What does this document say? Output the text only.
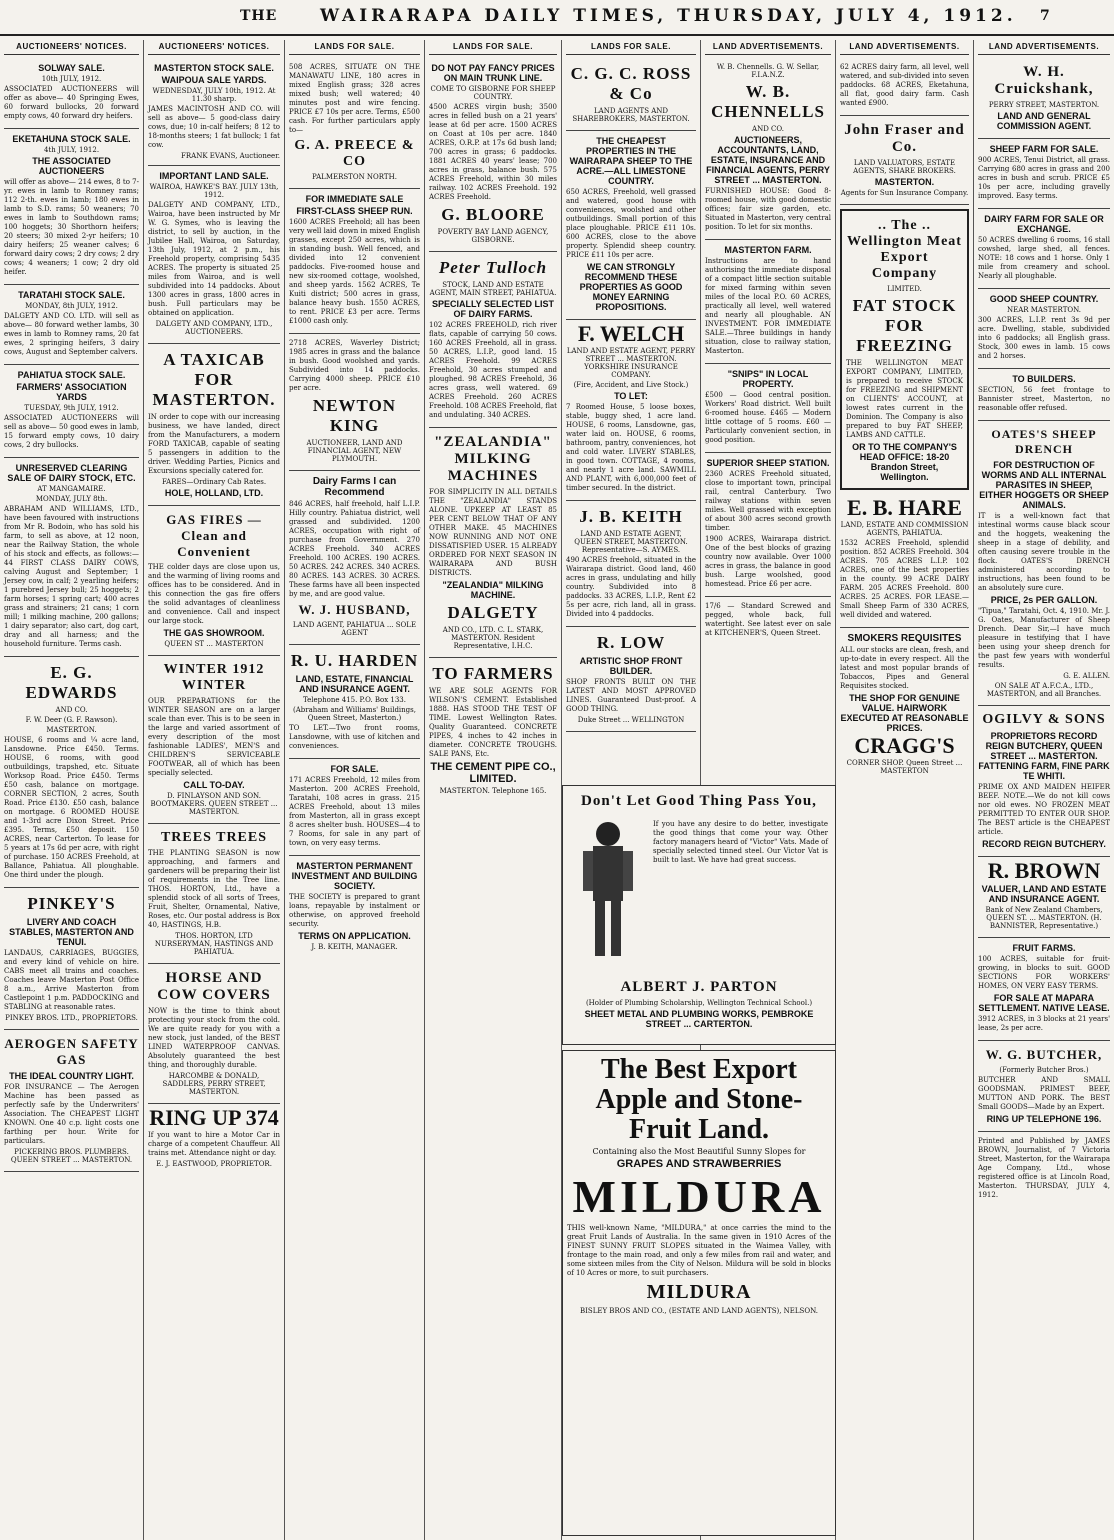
THE	WAIRARAPA DAILY TIMES, THURSDAY, JULY 4, 1912. 7
AUCTIONEERS' NOTICES.
SOLWAY SALE.
10th JULY, 1912.
ASSOCIATED AUCTIONEERS will offer as above— 40 Springing Ewes, 60 forward bullocks, 20 forward empty cows, 40 forward dry heifers.
EKETAHUNA STOCK SALE.
4th JULY, 1912.
THE ASSOCIATED AUCTIONEERS
will offer as above— 214 ewes, 8 to 7-yr. ewes in lamb to Romney rams; 112 2-th. ewes in lamb; 180 ewes in lamb to S.D. rams; 50 weaners; 70 ewes in lamb to Southdown rams; 100 hoggets; 30 Shorthorn heifers; 20 steers; 30 mixed 2-yr heifers; 10 dairy heifers; 25 weaner calves; 6 forward dairy cows; 2 dry cows; 2 dry cows; 4 weaners; 1 cow; 2 dry old heifer.
TARATAHI STOCK SALE.
MONDAY, 8th JULY, 1912.
DALGETY AND CO. LTD. will sell as above— 80 forward wether lambs, 30 ewes in lamb to Romney rams, 20 fat ewes, 2 springing heifers, 3 dairy cows, August and September calvers.
PAHIATUA STOCK SALE.
FARMERS' ASSOCIATION YARDS
TUESDAY, 9th JULY, 1912.
ASSOCIATED AUCTIONEERS will sell as above— 50 good ewes in lamb, 15 forward empty cows, 10 dairy cows, 2 dry bullocks.
UNRESERVED CLEARING SALE OF DAIRY STOCK, ETC.
AT MANGAMAIRE.
MONDAY, JULY 8th.
ABRAHAM AND WILLIAMS, LTD., have been favoured with instructions from Mr R. Bodoin, who has sold his farm, to sell as above, at 12 noon, near the Railway Station, the whole of his stock and effects, as follows:— 44 FIRST CLASS DAIRY COWS, calving August and September; 1 Jersey cow, in calf; 2 yearling heifers; 1 purebred Jersey bull; 25 hoggets; 2 farm horses; 1 spring cart; 400 acres grass and strainers; 21 cans; 1 corn mill; 1 milking machine, 200 gallons; 1 dairy separator; also cart, dog cart, dray and all harness; and the household furniture. Terms cash.
E. G. EDWARDS
AND CO.
F. W. Deer (G. F. Rawson).
MASTERTON.
HOUSE, 6 rooms and ¼ acre land, Lansdowne. Price £450. Terms. HOUSE, 6 rooms, with good outbuildings, trapshed, etc. Situate Worksop Road. Price £450. Terms £50 cash, balance on mortgage. CORNER SECTION, 2 acres, South Road. Price £130. £50 cash, balance on mortgage. 6 ROOMED HOUSE and 1-3rd acre Dixon Street. Price £395. Terms, £50 deposit. 150 ACRES, near Carterton. To lease for 5 years at 17s 6d per acre, with right of purchase. 150 ACRES Freehold, at Ballance, Pahiatua. All ploughable. One third under the plough.
PINKEY'S
LIVERY AND COACH STABLES, MASTERTON AND TENUI.
LANDAUS, CARRIAGES, BUGGIES, and every kind of vehicle on hire. CABS meet all trains and coaches. Coaches leave Masterton Post Office 8 a.m., Arrive Masterton from Castlepoint 1 p.m. PADDOCKING and STABLING at reasonable rates.
PINKEY BROS. LTD., PROPRIETORS.
AEROGEN SAFETY GAS
THE IDEAL COUNTRY LIGHT.
FOR INSURANCE — The Aerogen Machine has been passed as perfectly safe by the Underwriters' Association. The CHEAPEST LIGHT KNOWN. One 40 c.p. light costs one farthing per hour. Write for particulars.
PICKERING BROS. PLUMBERS. QUEEN STREET ... MASTERTON.
AUCTIONEERS' NOTICES.
MASTERTON STOCK SALE.
WAIPOUA SALE YARDS.
WEDNESDAY, JULY 10th, 1912. At 11.30 sharp.
JAMES MACINTOSH AND CO. will sell as above— 5 good-class dairy cows, due; 10 in-calf heifers; 8 12 to 18-months steers; 1 fat bullock; 1 fat cow.
FRANK EVANS, Auctioneer.
IMPORTANT LAND SALE.
WAIROA, HAWKE'S BAY. JULY 13th, 1912.
DALGETY AND COMPANY, LTD., Wairoa, have been instructed by Mr W. G. Symes, who is leaving the district, to sell by auction, in the Jubilee Hall, Wairoa, on Saturday, 13th July, 1912, at 2 p.m., his Freehold property, comprising 5435 ACRES. The property is situated 25 miles from Wairoa, and is well subdivided into 14 paddocks. About 1300 acres in grass, 1800 acres in bush. Full particulars may be obtained on application.
DALGETY AND COMPANY, LTD., AUCTIONEERS.
A TAXICAB FOR MASTERTON.
IN order to cope with our increasing business, we have landed, direct from the Manufacturers, a modern FORD TAXICAB, capable of seating 5 passengers in addition to the driver. Wedding Parties, Picnics and Excursions specially catered for.
FARES—Ordinary Cab Rates.
HOLE, HOLLAND, LTD.
GAS FIRES — Clean and Convenient
THE colder days are close upon us, and the warming of living rooms and offices has to be considered. And in this connection the gas fire offers the solid advantages of cleanliness and convenience. Call and inspect our large stock.
THE GAS SHOWROOM.
QUEEN ST ... MASTERTON
WINTER 1912 WINTER
OUR PREPARATIONS for the WINTER SEASON are on a larger scale than ever. This is to be seen in the large and varied assortment of every description of the most fashionable LADIES', MEN'S and CHILDREN'S SERVICEABLE FOOTWEAR, all of which has been specially selected.
CALL TO-DAY.
D. FINLAYSON AND SON. BOOTMAKERS. QUEEN STREET ... MASTERTON.
TREES TREES
THE PLANTING SEASON is now approaching, and farmers and gardeners will be preparing their list of requirements in the Tree line. THOS. HORTON, Ltd., have a splendid stock of all sorts of Trees, Fruit, Shelter, Ornamental, Native, Roses, etc. Our postal address is Box 40, HASTINGS, H.B.
THOS. HORTON, LTD NURSERYMAN, HASTINGS AND PAHIATUA.
HORSE AND COW COVERS
NOW is the time to think about protecting your stock from the cold. We are quite ready for you with a new stock, just landed, of the BEST LINED WATERPROOF CANVAS. Absolutely guaranteed the best thing, and thoroughly durable.
HARCOMBE & DONALD, SADDLERS, PERRY STREET, MASTERTON.
RING UP 374
If you want to hire a Motor Car in charge of a competent Chauffeur. All trains met. Attendance night or day.
E. J. EASTWOOD, PROPRIETOR.
LANDS FOR SALE.
508 ACRES, SITUATE ON THE MANAWATU LINE, 180 acres in mixed English grass; 328 acres mixed bush; well watered; 40 minutes post and wire fencing. PRICE £7 10s per acre. Terms, £500 cash. For further particulars apply to—
G. A. PREECE & CO
PALMERSTON NORTH.
FOR IMMEDIATE SALE
FIRST-CLASS SHEEP RUN.
1600 ACRES Freehold; all has been very well laid down in mixed English grasses, except 250 acres, which is in standing bush. Well fenced, and divided into 12 convenient paddocks. Five-roomed house and new six-roomed cottage, woolshed, and sheep yards. 1562 ACRES, Te Kuiti district; 500 acres in grass, balance heavy bush. 1550 ACRES, to rent. PRICE £3 per acre. Terms £1000 cash only.
2718 ACRES, Waverley District; 1985 acres in grass and the balance in bush. Good woolshed and yards. Subdivided into 14 paddocks. Carrying 4000 sheep. PRICE £10 per acre.
NEWTON KING
AUCTIONEER, LAND AND FINANCIAL AGENT, NEW PLYMOUTH.
Dairy Farms I can Recommend
846 ACRES, half freehold, half L.I.P. Hilly country. Pahiatua district, well grassed and subdivided. 1200 ACRES, occupation with right of purchase from Government. 270 ACRES Freehold. 340 ACRES Freehold. 100 ACRES. 190 ACRES. 50 ACRES. 242 ACRES. 340 ACRES. 80 ACRES. 143 ACRES. 30 ACRES. These farms have all been inspected by me, and are good value.
W. J. HUSBAND,
LAND AGENT, PAHIATUA ... SOLE AGENT
R. U. HARDEN
LAND, ESTATE, FINANCIAL AND INSURANCE AGENT.
Telephone 415. P.O. Box 133.
(Abraham and Williams' Buildings, Queen Street, Masterton.)
TO LET.—Two front rooms, Lansdowne, with use of kitchen and conveniences.
FOR SALE.
171 ACRES Freehold, 12 miles from Masterton. 200 ACRES Freehold, Taratahi, 108 acres in grass. 215 ACRES Freehold, about 13 miles from Masterton, all in grass except 8 acres shelter bush. HOUSES—4 to 7 Rooms, for sale in any part of town, on very easy terms.
MASTERTON PERMANENT INVESTMENT AND BUILDING SOCIETY.
THE SOCIETY is prepared to grant loans, repayable by instalment or otherwise, on approved freehold security.
TERMS ON APPLICATION.
J. B. KEITH, MANAGER.
LANDS FOR SALE.
DO NOT PAY FANCY PRICES ON MAIN TRUNK LINE.
COME TO GISBORNE FOR SHEEP COUNTRY.
4500 ACRES virgin bush; 3500 acres in felled bush on a 21 years' lease at 6d per acre. 1500 ACRES on Coast at 10s per acre. 1840 ACRES, O.R.P. at 17s 6d bush land; 700 acres in grass; 6 paddocks. 1881 ACRES 40 years' lease; 700 acres in grass, balance bush. 575 ACRES Freehold, within 30 miles railway. 102 ACRES Freehold. 192 ACRES Freehold.
G. BLOORE
POVERTY BAY LAND AGENCY, GISBORNE.
Peter Tulloch
STOCK, LAND AND ESTATE AGENT, MAIN STREET, PAHIATUA.
SPECIALLY SELECTED LIST OF DAIRY FARMS.
102 ACRES FREEHOLD, rich river flats, capable of carrying 50 cows. 160 ACRES Freehold, all in grass. 50 ACRES, L.I.P., good land. 15 ACRES Freehold. 99 ACRES Freehold, 30 acres stumped and ploughed. 98 ACRES Freehold, 36 acres grass, well watered. 69 ACRES Freehold. 260 ACRES Freehold. 108 ACRES Freehold, flat and undulating. 340 ACRES.
"ZEALANDIA" MILKING MACHINES
FOR SIMPLICITY IN ALL DETAILS THE "ZEALANDIA" STANDS ALONE. UPKEEP AT LEAST 85 PER CENT BELOW THAT OF ANY OTHER MAKE. 45 MACHINES NOW RUNNING AND NOT ONE DISSATISFIED USER. 15 ALREADY ORDERED FOR NEXT SEASON IN WAIRARAPA AND BUSH DISTRICTS.
"ZEALANDIA" MILKING MACHINE.
DALGETY
AND CO., LTD. C. L. STARK, MASTERTON. Resident Representative, I.H.C.
TO FARMERS
WE ARE SOLE AGENTS FOR WILSON'S CEMENT. Established 1888. HAS STOOD THE TEST OF TIME. Lowest Wellington Rates. Quality Guaranteed. CONCRETE PIPES, 4 inches to 42 inches in diameter. CONCRETE TROUGHS. SALE PANS, Etc.
THE CEMENT PIPE CO., LIMITED.
MASTERTON. Telephone 165.
LANDS FOR SALE.
C. G. C. ROSS & Co
LAND AGENTS AND SHAREBROKERS, MASTERTON.
THE CHEAPEST PROPERTIES IN THE WAIRARAPA SHEEP TO THE ACRE.—ALL LIMESTONE COUNTRY.
650 ACRES, Freehold, well grassed and watered, good house with conveniences, woolshed and other outbuildings. Small portion of this place ploughable. PRICE £11 10s. 600 ACRES, close to the above property. Splendid sheep country. PRICE £11 10s per acre.
WE CAN STRONGLY RECOMMEND THESE PROPERTIES AS GOOD MONEY EARNING PROPOSITIONS.
F. WELCH
LAND AND ESTATE AGENT, PERRY STREET ... MASTERTON. YORKSHIRE INSURANCE COMPANY.
(Fire, Accident, and Live Stock.)
TO LET:
7 Roomed House, 5 loose boxes, stable, buggy shed, 1 acre land. HOUSE, 6 rooms, Lansdowne, gas, water laid on. HOUSE, 6 rooms, bathroom, pantry, conveniences, hot and cold water. LIVERY STABLES, in good town. COTTAGE, 4 rooms, and nearly 1 acre land. SAWMILL AND PLANT, with 6,000,000 feet of timber secured. In the district.
J. B. KEITH
LAND AND ESTATE AGENT, QUEEN STREET, MASTERTON. Representative—S. AYMES.
490 ACRES freehold, situated in the Wairarapa district. Good land, 460 acres in grass, undulating and hilly country. Subdivided into 8 paddocks. 33 ACRES, L.I.P., Rent £2 5s per acre, rich land, all in grass. Divided into 4 paddocks.
R. LOW
ARTISTIC SHOP FRONT BUILDER.
SHOP FRONTS BUILT ON THE LATEST AND MOST APPROVED LINES. Guaranteed Dust-proof. A GOOD THING.
Duke Street ... WELLINGTON
LAND ADVERTISEMENTS.
W. B. Chennells. G. W. Sellar, F.I.A.N.Z.
W. B. CHENNELLS
AND CO.
AUCTIONEERS, ACCOUNTANTS, LAND, ESTATE, INSURANCE AND FINANCIAL AGENTS, PERRY STREET ... MASTERTON.
FURNISHED HOUSE: Good 8-roomed house, with good domestic offices; fair size garden, etc. Situated in Masterton, very central position. To let for six months.
MASTERTON FARM.
Instructions are to hand authorising the immediate disposal of a compact little section suitable for mixed farming within seven miles of the local P.O. 60 ACRES, practically all level, well watered and nearly all ploughable. AN INVESTMENT. FOR IMMEDIATE SALE.—Three buildings in handy situation, close to railway station, Masterton.
"SNIPS" IN LOCAL PROPERTY.
£500 — Good central position. Workers' Road district. Well built 6-roomed house. £465 — Modern little cottage of 5 rooms. £60 — Particularly convenient section, in good position.
SUPERIOR SHEEP STATION.
2360 ACRES Freehold situated, close to important town, principal rail, central Canterbury. Two railway stations within seven miles. Well grassed with exception of about 300 acres second growth timber.
1900 ACRES, Wairarapa district. One of the best blocks of grazing country now available. Over 1000 acres in grass, the balance in good bush. Large woolshed, good homestead. Price £6 per acre.
17/6 — Standard Screwed and pegged, whole back, full watertight. See latest ever on sale at KITCHENER'S, Queen Street.
LAND ADVERTISEMENTS.
62 ACRES dairy farm, all level, well watered, and sub-divided into seven paddocks. 68 ACRES, Eketahuna, all flat, good dairy farm. Cash wanted £900.
John Fraser and Co.
LAND VALUATORS, ESTATE AGENTS, SHARE BROKERS.
MASTERTON.
Agents for Sun Insurance Company.
.. The .. Wellington Meat Export Company
LIMITED.
FAT STOCK FOR FREEZING
THE WELLINGTON MEAT EXPORT COMPANY, LIMITED, is prepared to receive STOCK for FREEZING and SHIPMENT on CLIENTS' ACCOUNT, at lowest rates current in the Dominion. The Company is also prepared to buy FAT SHEEP, LAMBS AND CATTLE.
OR TO THE COMPANY'S HEAD OFFICE: 18-20 Brandon Street, Wellington.
E. B. HARE
LAND, ESTATE AND COMMISSION AGENTS, PAHIATUA.
1532 ACRES Freehold, splendid position. 852 ACRES Freehold. 304 ACRES. 705 ACRES L.I.P. 102 ACRES, one of the best properties in the county. 99 ACRE DAIRY FARM. 205 ACRES Freehold. 800 ACRES. 25 ACRES. FOR LEASE.—Small Sheep Farm of 330 ACRES, well divided and watered.
SMOKERS REQUISITES
ALL our stocks are clean, fresh, and up-to-date in every respect. All the latest and most popular brands of Tobaccos, Pipes and General Requisites stocked.
THE SHOP FOR GENUINE VALUE. HAIRWORK EXECUTED AT REASONABLE PRICES.
CRAGG'S
CORNER SHOP. Queen Street ... MASTERTON
LAND ADVERTISEMENTS.
W. H. Cruickshank,
PERRY STREET, MASTERTON.
LAND AND GENERAL COMMISSION AGENT.
SHEEP FARM FOR SALE.
900 ACRES, Tenui District, all grass. Carrying 680 acres in grass and 200 acres in bush and scrub. PRICE £5 10s per acre, including gravelly improved. Easy terms.
DAIRY FARM FOR SALE OR EXCHANGE.
50 ACRES dwelling 6 rooms, 16 stall cowshed, large shed, all fences. NOTE: 18 cows and 1 horse. Only 1 mile from creamery and school. Nearly all ploughable.
GOOD SHEEP COUNTRY.
NEAR MASTERTON.
300 ACRES, L.I.P. rent 3s 9d per acre. Dwelling, stable, subdivided into 6 paddocks; all English grass. Stock, 300 ewes in lamb. 15 cows and 2 horses.
TO BUILDERS.
SECTION, 56 feet frontage to Bannister street, Masterton, no reasonable offer refused.
OATES'S SHEEP DRENCH
FOR DESTRUCTION OF WORMS AND ALL INTERNAL PARASITES IN SHEEP, EITHER HOGGETS OR SHEEP ANIMALS.
IT is a well-known fact that intestinal worms cause black scour and the hoggets, weakening the sheep in a stage of debility, and often causing severe trouble in the flock. OATES'S DRENCH administered according to instructions, has been found to be an absolutely sure cure.
PRICE, 2s PER GALLON.
"Tipua," Taratahi, Oct. 4, 1910. Mr. J. G. Oates, Manufacturer of Sheep Drench. Dear Sir,—I have much pleasure in testifying that I have been using your sheep drench for the past few years with wonderful results.
G. E. ALLEN.
ON SALE AT A.F.C.A., LTD., MASTERTON, and all Branches.
OGILVY & SONS
PROPRIETORS RECORD REIGN BUTCHERY, QUEEN STREET ... MASTERTON. FATTENING FARM, FINE PARK TE WHITI.
PRIME OX AND MAIDEN HEIFER BEEF. NOTE.—We do not kill cows nor old ewes. NO FROZEN MEAT PERMITTED TO ENTER OUR SHOP. The BEST article is the CHEAPEST article.
RECORD REIGN BUTCHERY.
R. BROWN
VALUER, LAND AND ESTATE AND INSURANCE AGENT.
Bank of New Zealand Chambers, QUEEN ST. ... MASTERTON. (H. BANNISTER, Representative.)
FRUIT FARMS.
100 ACRES, suitable for fruit-growing, in blocks to suit. GOOD SECTIONS FOR WORKERS' HOMES, ON VERY EASY TERMS.
FOR SALE AT MAPARA SETTLEMENT. NATIVE LEASE.
3912 ACRES, in 3 blocks at 21 years' lease, 2s per acre.
W. G. BUTCHER,
(Formerly Butcher Bros.)
BUTCHER AND SMALL GOODSMAN. PRIMEST BEEF, MUTTON AND PORK. The BEST Small GOODS—Made by an Expert.
RING UP TELEPHONE 196.
Printed and Published by JAMES BROWN, Journalist, of 7 Victoria Street, Masterton, for the Wairarapa Age Company, Ltd., whose registered office is at Lincoln Road, Masterton. THURSDAY, JULY 4, 1912.
Don't Let Good Thing Pass You,
If you have any desire to do better, investigate the good things that come your way. Other factory managers heard of "Victor" Vats. Made of specially selected tinned steel. Our Victor Vat is built to last. We have had great success.
ALBERT J. PARTON
(Holder of Plumbing Scholarship, Wellington Technical School.)
SHEET METAL AND PLUMBING WORKS, PEMBROKE STREET ... CARTERTON.
The Best Export Apple and Stone-Fruit Land.
Containing also the Most Beautiful Sunny Slopes for
GRAPES AND STRAWBERRIES
MILDURA
THIS well-known Name, "MILDURA," at once carries the mind to the great Fruit Lands of Australia. In the same given in 1910 Acres of the FINEST SUNNY FRUIT SLOPES situated in the Waimea Valley, with frontage to the main road, and only a few miles from rail and water, and some sixteen miles from the City of Nelson. Mildura will be sold in blocks of 10 Acres or more, to suit purchasers.
MILDURA
BISLEY BROS AND CO., (ESTATE AND LAND AGENTS), NELSON.
